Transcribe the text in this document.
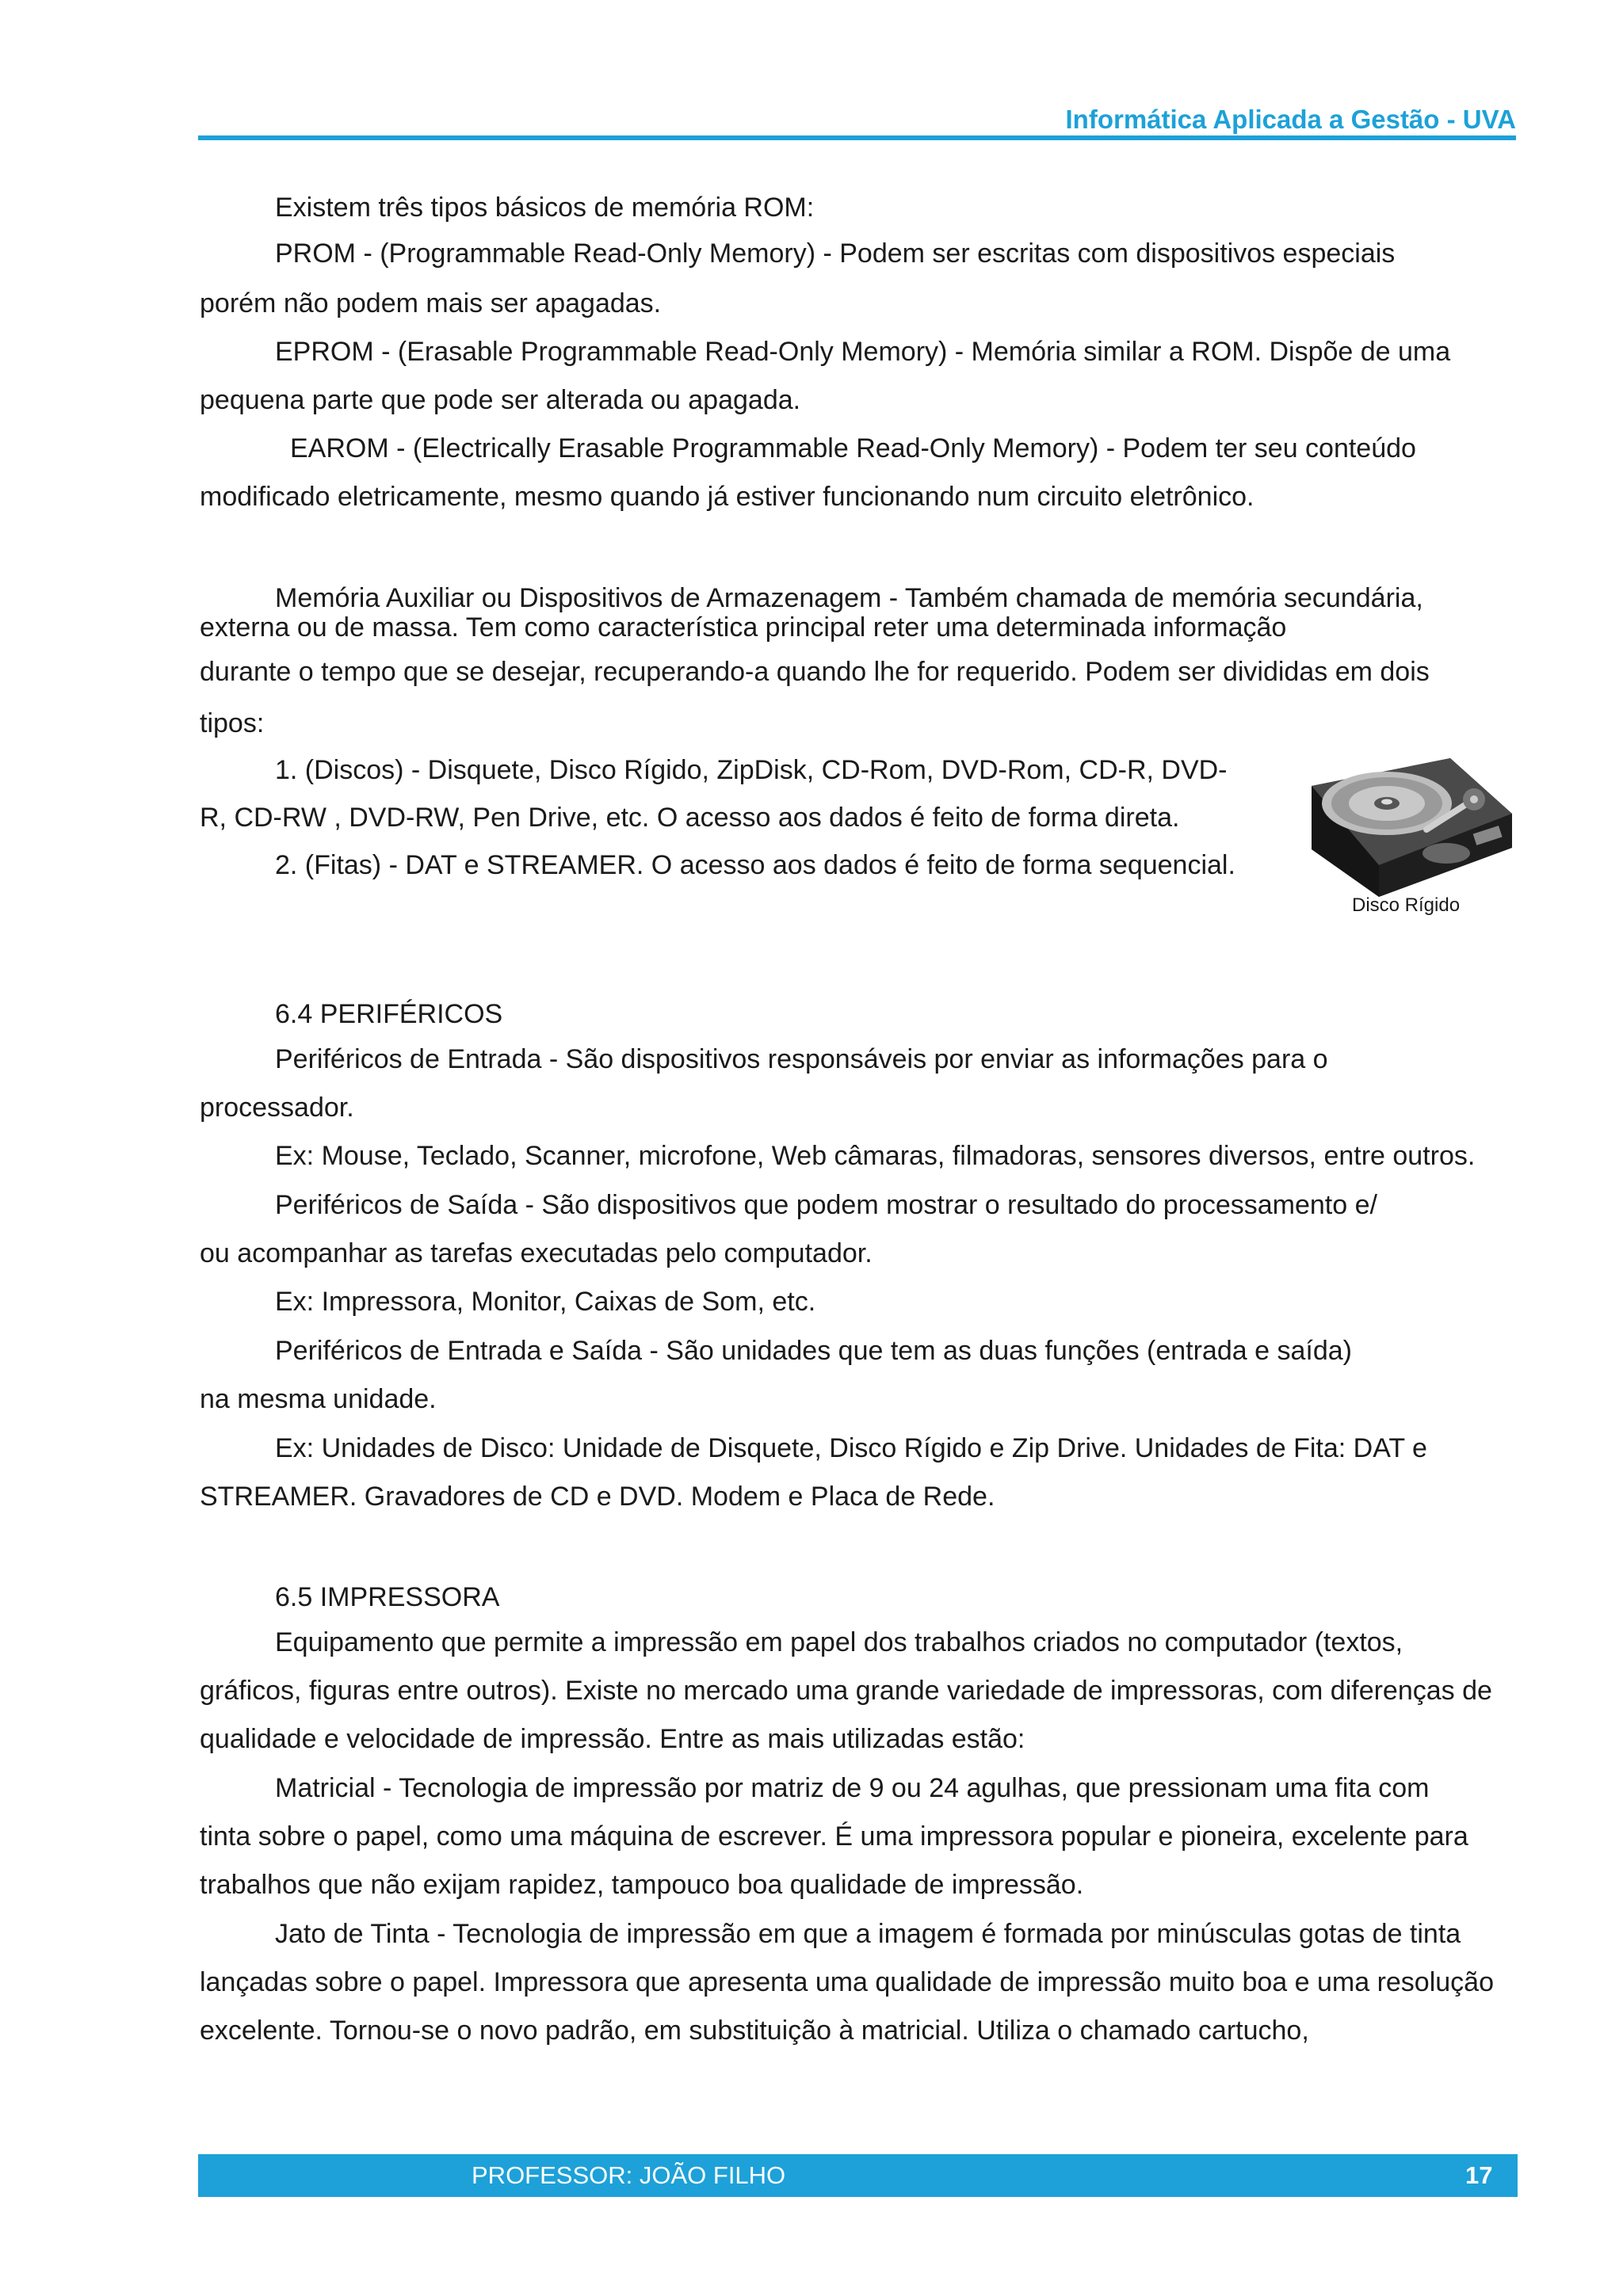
Informática Aplicada a Gestão - UVA
Existem três tipos básicos de memória ROM:
PROM - (Programmable Read-Only Memory) - Podem ser escritas com dispositivos especiais
porém não podem mais ser apagadas.
EPROM - (Erasable Programmable Read-Only Memory) - Memória similar a ROM. Dispõe de uma
pequena parte que pode ser alterada ou apagada.
EAROM - (Electrically Erasable Programmable Read-Only Memory) - Podem ter seu conteúdo
modificado eletricamente, mesmo quando já estiver funcionando num circuito eletrônico.
Memória Auxiliar ou Dispositivos de Armazenagem - Também chamada de memória secundária,
externa ou de massa. Tem como característica principal reter uma determinada informação
durante o tempo que se desejar, recuperando-a quando lhe for requerido. Podem ser divididas em dois
tipos:
1. (Discos) - Disquete, Disco Rígido, ZipDisk, CD-Rom, DVD-Rom, CD-R, DVD-
R, CD-RW , DVD-RW, Pen Drive, etc. O acesso aos dados é feito de forma direta.
2. (Fitas) - DAT e STREAMER. O acesso aos dados é feito de forma sequencial.
Disco Rígido
6.4 PERIFÉRICOS
Periféricos de Entrada - São dispositivos responsáveis por enviar as informações para o
processador.
Ex: Mouse, Teclado, Scanner, microfone, Web câmaras, filmadoras, sensores diversos, entre outros.
Periféricos de Saída - São dispositivos que podem mostrar o resultado do processamento e/
ou acompanhar as tarefas executadas pelo computador.
Ex: Impressora, Monitor, Caixas de Som, etc.
Periféricos de Entrada e Saída - São unidades que tem as duas funções (entrada e saída)
na mesma unidade.
Ex: Unidades de Disco: Unidade de Disquete, Disco Rígido e Zip Drive. Unidades de Fita: DAT e
STREAMER. Gravadores de CD e DVD. Modem e Placa de Rede.
6.5 IMPRESSORA
Equipamento que permite a impressão em papel dos trabalhos criados no computador (textos,
gráficos, figuras entre outros). Existe no mercado uma grande variedade de impressoras, com diferenças de
qualidade e velocidade de impressão. Entre as mais utilizadas estão:
Matricial - Tecnologia de impressão por matriz de 9 ou 24 agulhas, que pressionam uma fita com
tinta sobre o papel, como uma máquina de escrever. É uma impressora popular e pioneira, excelente para
trabalhos que não exijam rapidez, tampouco boa qualidade de impressão.
Jato de Tinta - Tecnologia de impressão em que a imagem é formada por minúsculas gotas de tinta
lançadas sobre o papel. Impressora que apresenta uma qualidade de impressão muito boa e uma resolução
excelente. Tornou-se o novo padrão, em substituição à matricial. Utiliza o chamado cartucho,
PROFESSOR: JOÃO FILHO	17
